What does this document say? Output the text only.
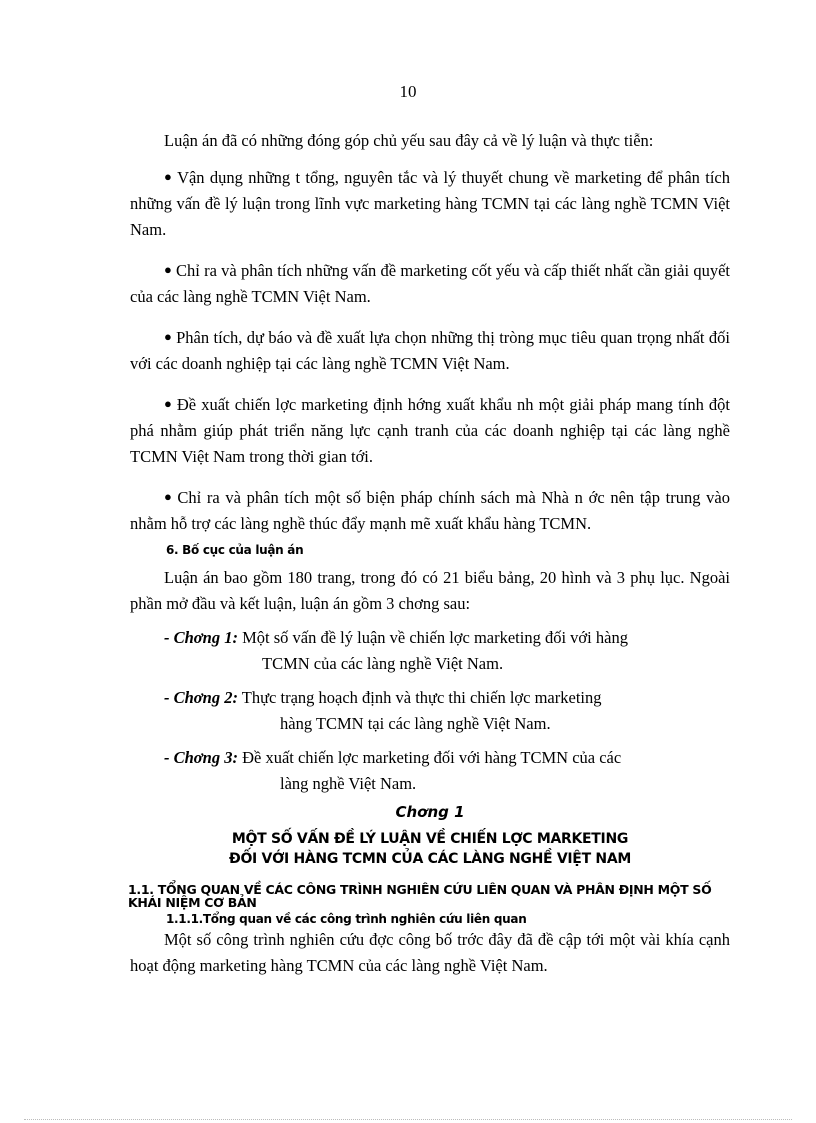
10

Luận án đã có những đóng góp chủ yếu sau đây cả về lý luận và thực tiễn:

● Vận dụng những t tổng, nguyên tắc và lý thuyết chung về marketing để phân tích những vấn đề lý luận trong lĩnh vực marketing hàng TCMN tại các làng nghề TCMN Việt Nam.

● Chỉ ra và phân tích những vấn đề marketing cốt yếu và cấp thiết nhất cần giải quyết của các làng nghề TCMN Việt Nam.

● Phân tích, dự báo và đề xuất lựa chọn những thị tròng mục tiêu quan trọng nhất đối với các doanh nghiệp tại các làng nghề TCMN Việt Nam.

● Đề xuất chiến lợc marketing định hớng xuất khẩu nh một giải pháp mang tính đột phá nhằm giúp phát triển năng lực cạnh tranh của các doanh nghiệp tại các làng nghề TCMN Việt Nam trong thời gian tới.

● Chỉ ra và phân tích một số biện pháp chính sách mà Nhà n ớc nên tập trung vào nhằm hỗ trợ các làng nghề thúc đẩy mạnh mẽ xuất khẩu hàng TCMN.

6. Bố cục của luận án

Luận án bao gồm 180 trang, trong đó có 21 biểu bảng, 20 hình và 3 phụ lục. Ngoài phần mở đầu và kết luận, luận án gồm 3 chơng sau:

- Chơng 1: Một số vấn đề lý luận về chiến lợc marketing đối với hàng
TCMN của các làng nghề Việt Nam.
- Chơng 2: Thực trạng hoạch định và thực thi chiến lợc marketing
hàng TCMN tại các làng nghề Việt Nam.
- Chơng 3: Đề xuất chiến lợc marketing đối với hàng TCMN của các
làng nghề Việt Nam.
Chơng 1
MỘT SỐ VẤN ĐỀ LÝ LUẬN VỀ CHIẾN LỢC MARKETING
ĐỐI VỚI HÀNG TCMN CỦA CÁC LÀNG NGHỀ VIỆT NAM
1.1. TỔNG QUAN VỀ CÁC CÔNG TRÌNH NGHIÊN CỨU LIÊN QUAN VÀ PHÂN ĐỊNH MỘT SỐ KHÁI NIỆM CƠ BẢN
1.1.1.Tổng quan về các công trình nghiên cứu liên quan

Một số công trình nghiên cứu đợc công bố trớc đây đã đề cập tới một vài khía cạnh hoạt động marketing hàng TCMN của các làng nghề Việt Nam.
